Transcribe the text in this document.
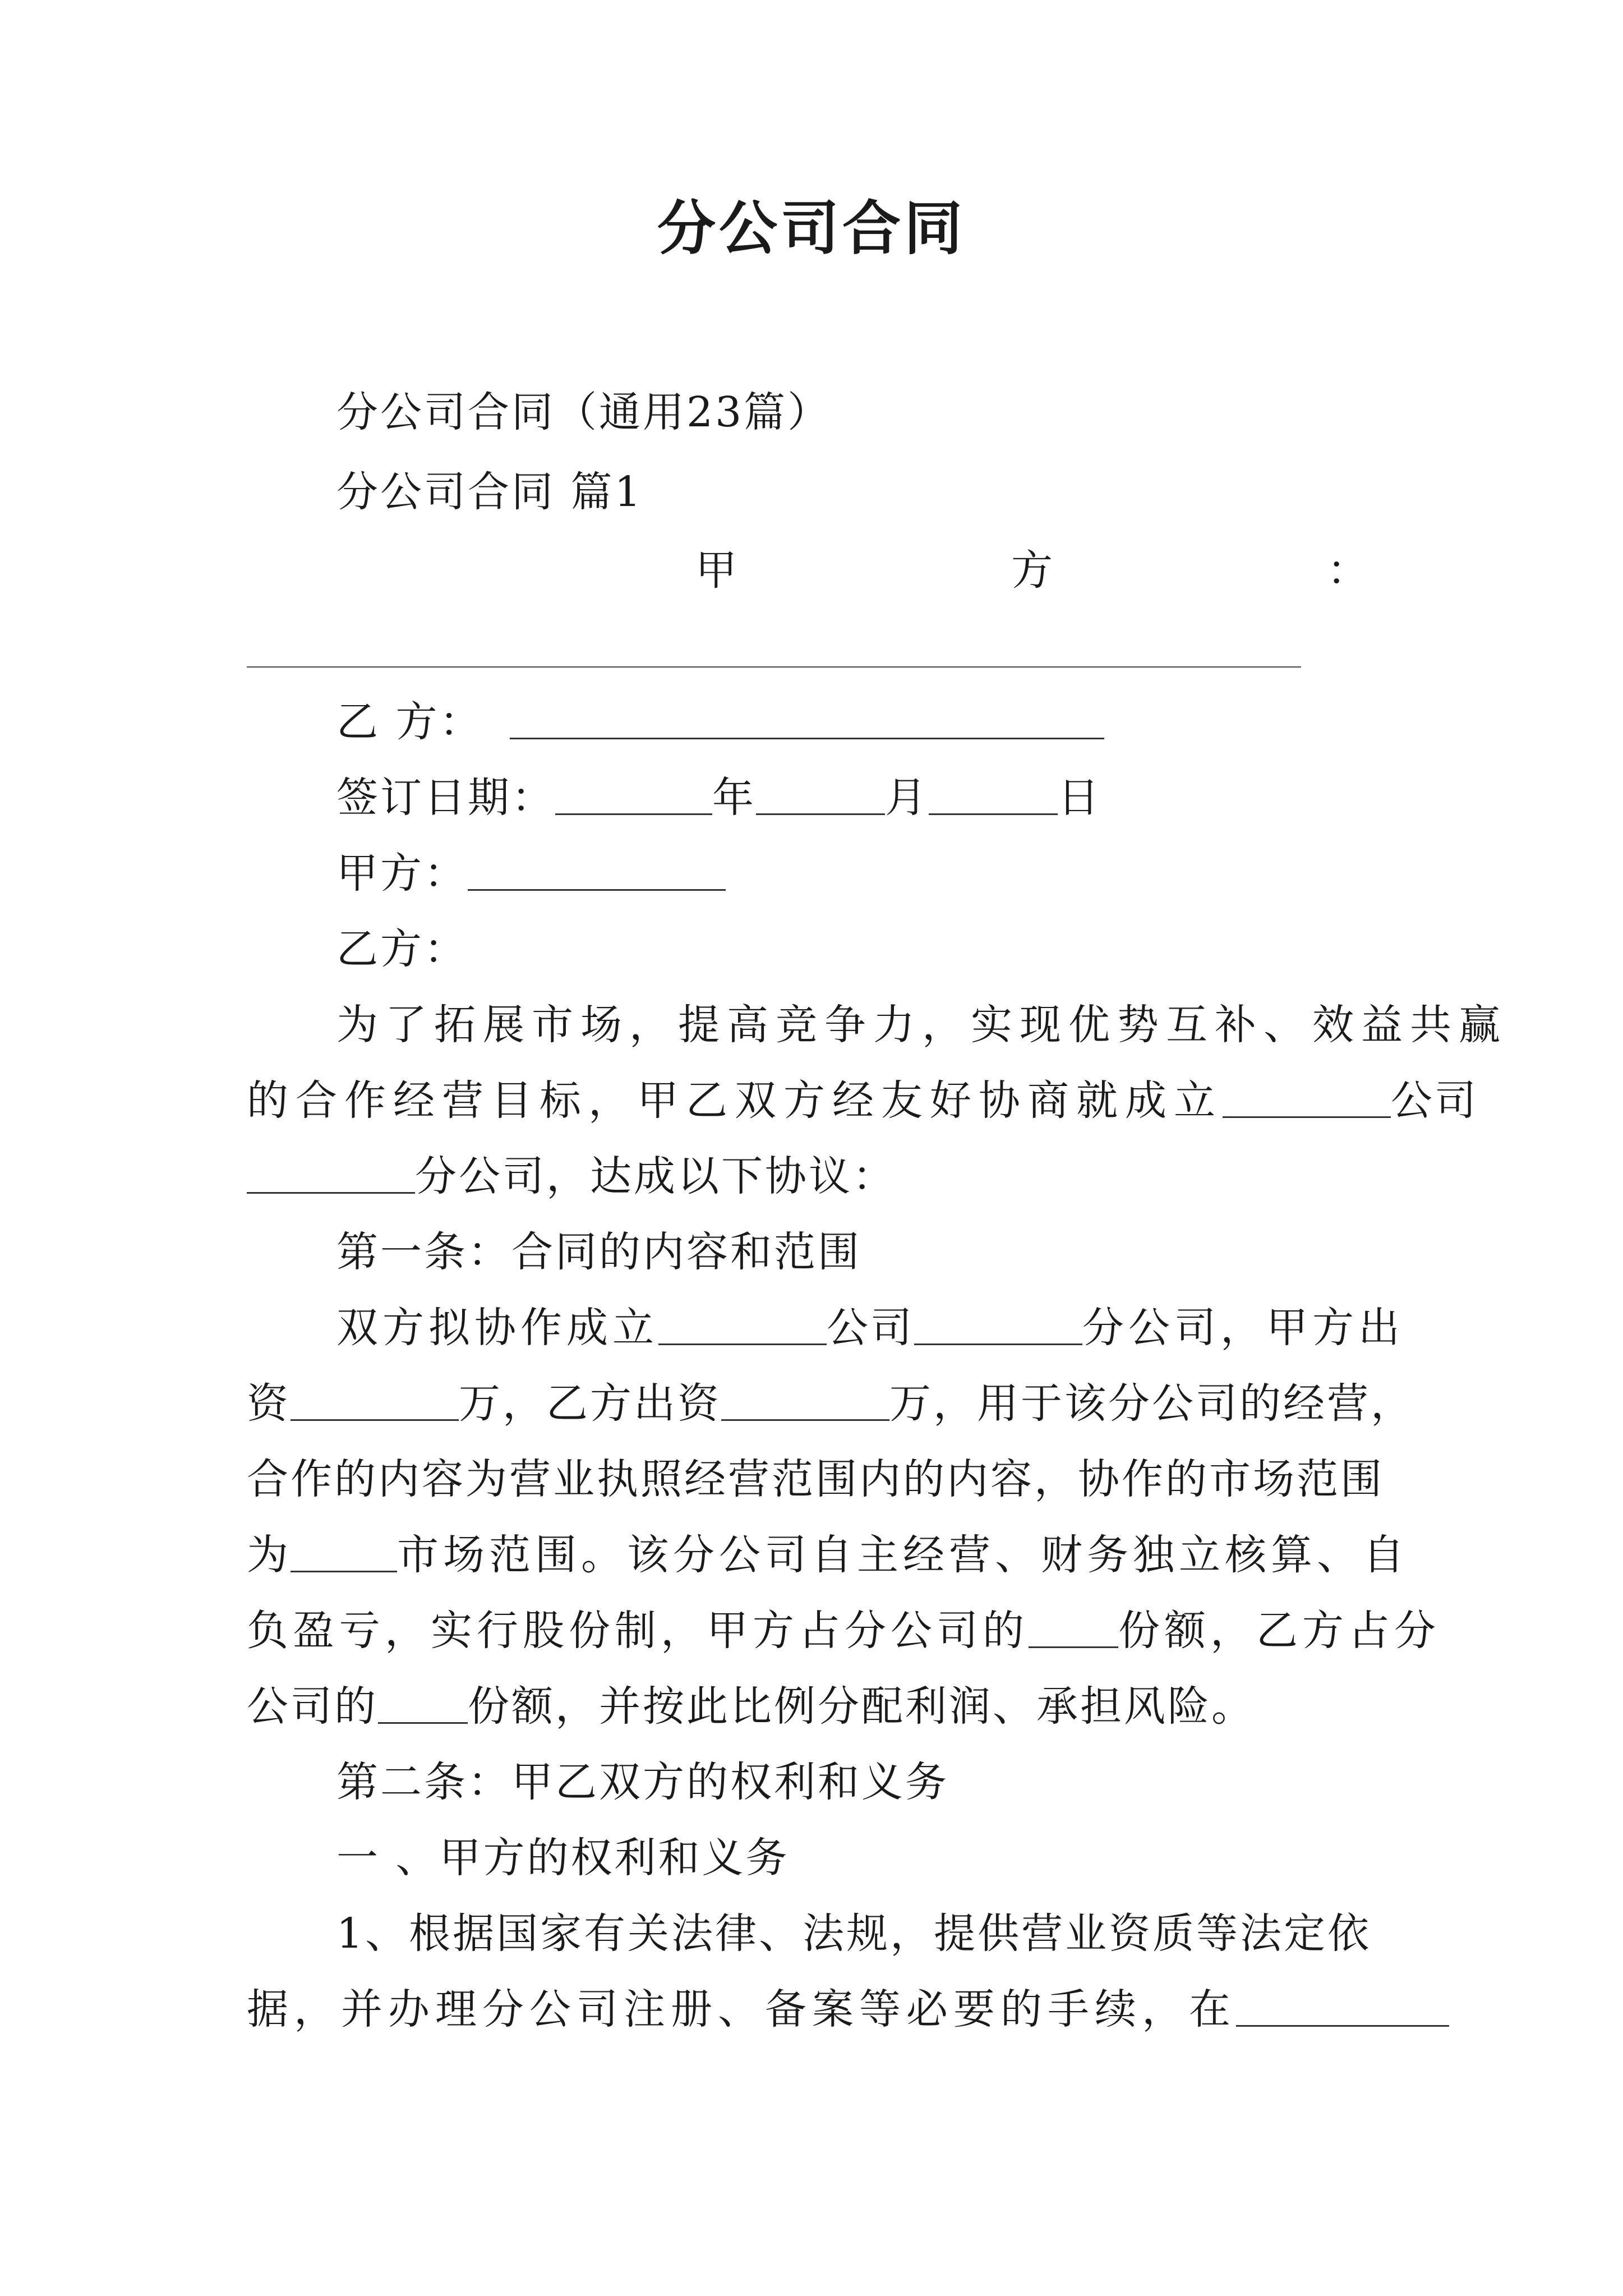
分公司合同
分公司合同（通用23篇）
分公司合同 篇1
甲	方	：
乙 方：
签订日期：	年	月	日
甲方：
乙方：
为了拓展市场，提高竞争力，实现优势互补、效益共赢
的合作经营目标，甲乙双方经友好协商就成立	公司
分公司，达成以下协议：
第一条：合同的内容和范围
双方拟协作成立	公司	分公司，甲方出
资	万，乙方出资	万，用于该分公司的经营，
合作的内容为营业执照经营范围内的内容，协作的市场范围
为	市场范围。该分公司自主经营、财务独立核算、自
负盈亏，实行股份制，甲方占分公司的 份额，乙方占分
公司的 份额，并按此比例分配利润、承担风险。
第二条：甲乙双方的权利和义务
一 、甲方的权利和义务
1、根据国家有关法律、法规，提供营业资质等法定依
据，并办理分公司注册、备案等必要的手续，在
